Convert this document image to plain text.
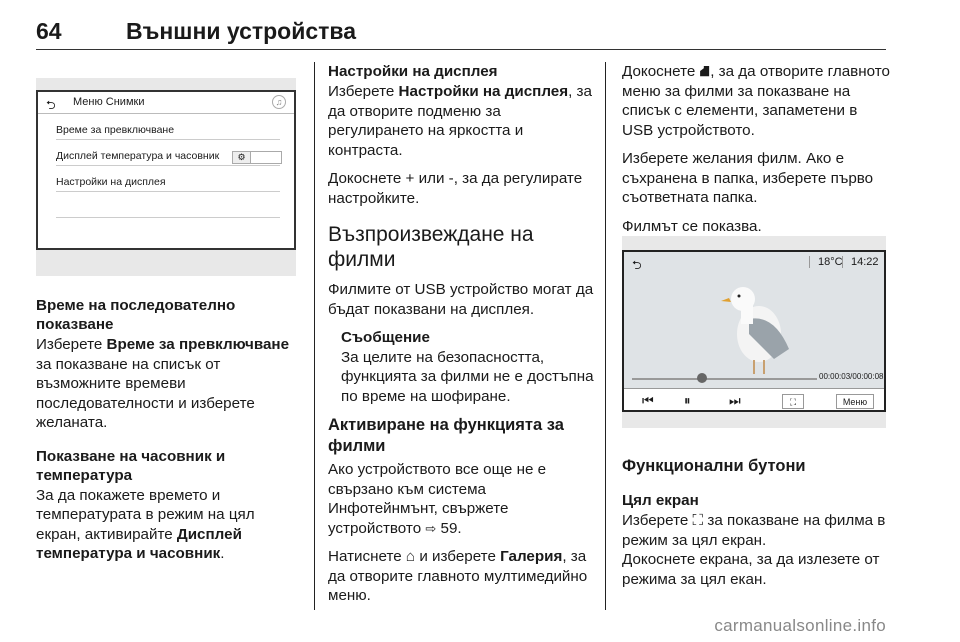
64	Външни устройства
⮌ Меню Снимки	♫
Време за превключване
Дисплей температура и часовник	⚙
Настройки на дисплея
Време на последователно показване

Изберете Време за превключване за показване на списък от възможните времеви последователности и изберете желаната.

Показване на часовник и температура

За да покажете времето и температурата в режим на цял екран, активирайте Дисплей температура и часовник.

Настройки на дисплея

Изберете Настройки на дисплея, за да отворите подменю за регулирането на яркостта и контраста.

Докоснете + или -, за да регулирате настройките.

Възпроизвеждане на филми

Филмите от USB устройство могат да бъдат показвани на дисплея.

Съобщение
За целите на безопасността, функцията за филми не е достъпна по време на шофиране.
Активиране на функцията за филми

Ако устройството все още не е свързано към система Инфотейнмънт, свържете устройството ⇨ 59.

Натиснете ⌂ и изберете Галерия, за да отворите главното мултимедийно меню.

Докоснете ⛘, за да отворите главното меню за филми за показване на списък с елементи, запаметени в USB устройството.

Изберете желания филм. Ако е съхранена в папка, изберете първо съответната папка.

Филмът се показва.

⮌	18°C 14:22
00:00:03/00:00:08
⏮ ⏸	⏭	⛶	Меню
Функционални бутони
Цял екран

Изберете ⛶ за показване на филма в режим за цял екран.

Докоснете екрана, за да излезете от режима за цял екан.

carmanualsonline.info
